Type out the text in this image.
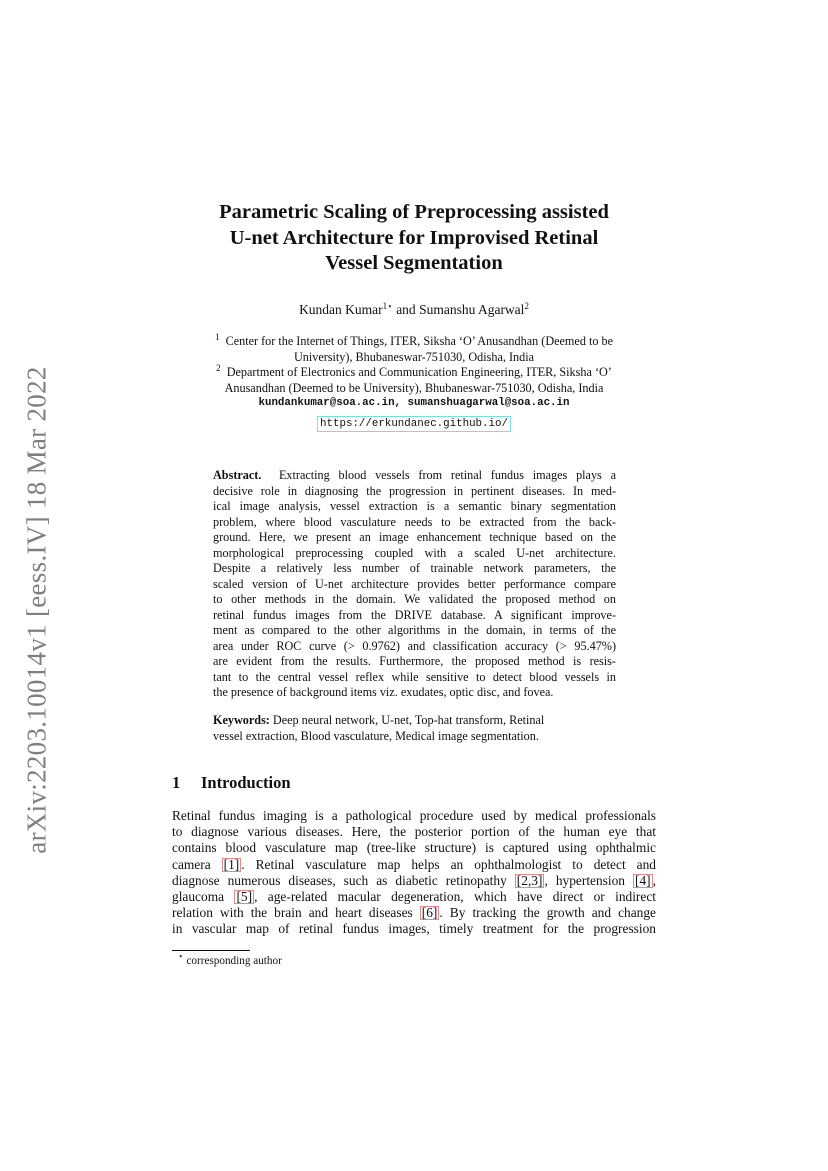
arXiv:2203.10014v1 [eess.IV] 18 Mar 2022
Parametric Scaling of Preprocessing assisted
U-net Architecture for Improvised Retinal
Vessel Segmentation
Kundan Kumar$^{1⋆}$ and Sumanshu Agarwal$^2$
$^1$ Center for the Internet of Things, ITER, Siksha ‘O’ Anusandhan (Deemed to be
University), Bhubaneswar-751030, Odisha, India
$^2$ Department of Electronics and Communication Engineering, ITER, Siksha ‘O’
Anusandhan (Deemed to be University), Bhubaneswar-751030, Odisha, India
kundankumar@soa.ac.in, sumanshuagarwal@soa.ac.in
https://erkundanec.github.io/
Abstract. Extracting blood vessels from retinal fundus images plays a
decisive role in diagnosing the progression in pertinent diseases. In med-
ical image analysis, vessel extraction is a semantic binary segmentation
problem, where blood vasculature needs to be extracted from the back-
ground. Here, we present an image enhancement technique based on the
morphological preprocessing coupled with a scaled U-net architecture.
Despite a relatively less number of trainable network parameters, the
scaled version of U-net architecture provides better performance compare
to other methods in the domain. We validated the proposed method on
retinal fundus images from the DRIVE database. A significant improve-
ment as compared to the other algorithms in the domain, in terms of the
area under ROC curve (> 0.9762) and classification accuracy (> 95.47%)
are evident from the results. Furthermore, the proposed method is resis-
tant to the central vessel reflex while sensitive to detect blood vessels in
the presence of background items viz. exudates, optic disc, and fovea.
Keywords: Deep neural network, U-net, Top-hat transform, Retinal
vessel extraction, Blood vasculature, Medical image segmentation.
1 Introduction
Retinal fundus imaging is a pathological procedure used by medical professionals
to diagnose various diseases. Here, the posterior portion of the human eye that
contains blood vasculature map (tree-like structure) is captured using ophthalmic
camera [1] . Retinal vasculature map helps an ophthalmologist to detect and
diagnose numerous diseases, such as diabetic retinopathy [2,3] , hypertension [4] ,
glaucoma [5] , age-related macular degeneration, which have direct or indirect
relation with the brain and heart diseases [6] . By tracking the growth and change
in vascular map of retinal fundus images, timely treatment for the progression
⋆ corresponding author
